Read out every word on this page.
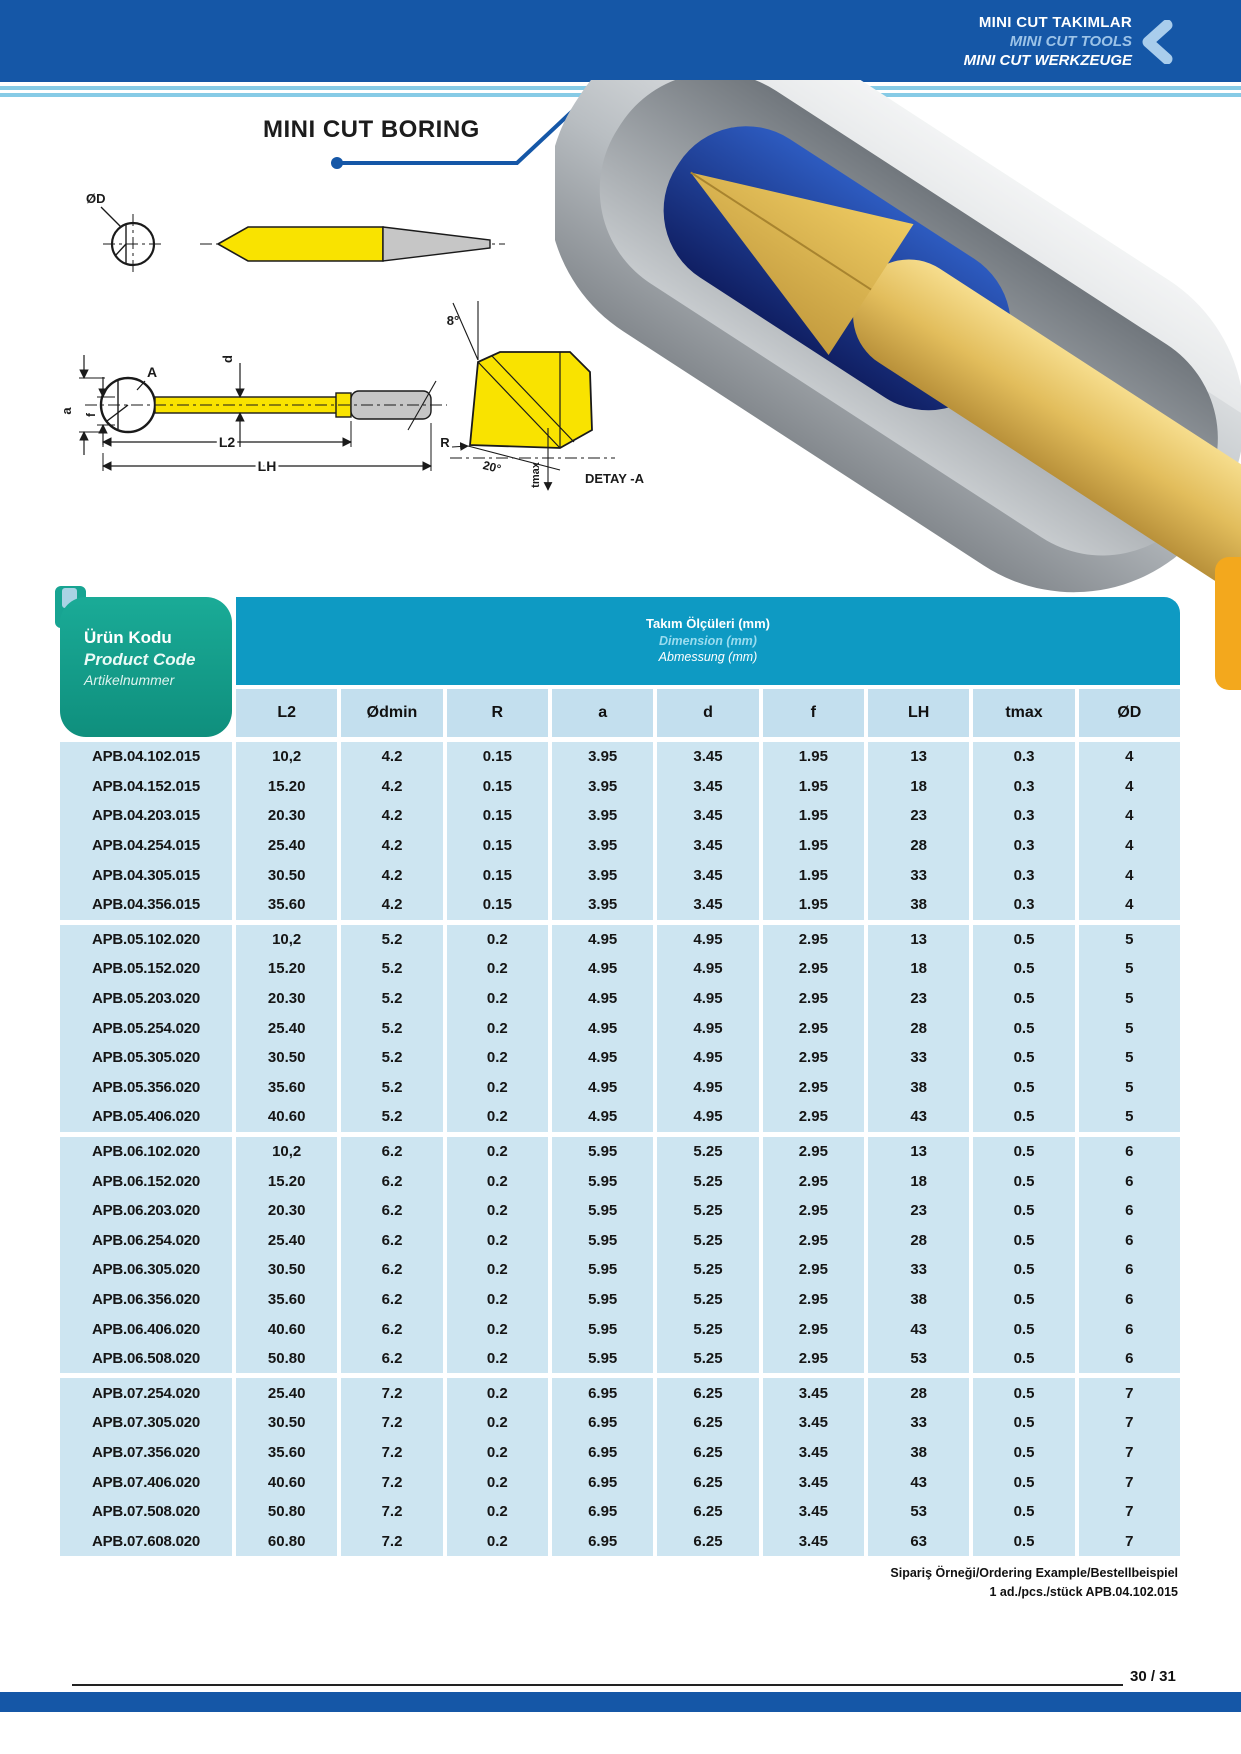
MINI CUT TAKIMLAR
MINI CUT TOOLS
MINI CUT WERKZEUGE
MINI CUT BORING
ØD
A
a
f
d
L2
LH
8°
R
20°	tmax	DETAY -A
Ürün Kodu
Product Code
Artikelnummer
Takım Ölçüleri (mm)
Dimension (mm)
Abmessung (mm)
L2	Ødmin	R	a	d	f	LH	tmax	ØD
APB.04.102.015	10,2	4.2	0.15	3.95	3.45	1.95	13	0.3	4
APB.04.152.015	15.20	4.2	0.15	3.95	3.45	1.95	18	0.3	4
APB.04.203.015	20.30	4.2	0.15	3.95	3.45	1.95	23	0.3	4
APB.04.254.015	25.40	4.2	0.15	3.95	3.45	1.95	28	0.3	4
APB.04.305.015	30.50	4.2	0.15	3.95	3.45	1.95	33	0.3	4
APB.04.356.015	35.60	4.2	0.15	3.95	3.45	1.95	38	0.3	4
APB.05.102.020	10,2	5.2	0.2	4.95	4.95	2.95	13	0.5	5
APB.05.152.020	15.20	5.2	0.2	4.95	4.95	2.95	18	0.5	5
APB.05.203.020	20.30	5.2	0.2	4.95	4.95	2.95	23	0.5	5
APB.05.254.020	25.40	5.2	0.2	4.95	4.95	2.95	28	0.5	5
APB.05.305.020	30.50	5.2	0.2	4.95	4.95	2.95	33	0.5	5
APB.05.356.020	35.60	5.2	0.2	4.95	4.95	2.95	38	0.5	5
APB.05.406.020	40.60	5.2	0.2	4.95	4.95	2.95	43	0.5	5
APB.06.102.020	10,2	6.2	0.2	5.95	5.25	2.95	13	0.5	6
APB.06.152.020	15.20	6.2	0.2	5.95	5.25	2.95	18	0.5	6
APB.06.203.020	20.30	6.2	0.2	5.95	5.25	2.95	23	0.5	6
APB.06.254.020	25.40	6.2	0.2	5.95	5.25	2.95	28	0.5	6
APB.06.305.020	30.50	6.2	0.2	5.95	5.25	2.95	33	0.5	6
APB.06.356.020	35.60	6.2	0.2	5.95	5.25	2.95	38	0.5	6
APB.06.406.020	40.60	6.2	0.2	5.95	5.25	2.95	43	0.5	6
APB.06.508.020	50.80	6.2	0.2	5.95	5.25	2.95	53	0.5	6
APB.07.254.020	25.40	7.2	0.2	6.95	6.25	3.45	28	0.5	7
APB.07.305.020	30.50	7.2	0.2	6.95	6.25	3.45	33	0.5	7
APB.07.356.020	35.60	7.2	0.2	6.95	6.25	3.45	38	0.5	7
APB.07.406.020	40.60	7.2	0.2	6.95	6.25	3.45	43	0.5	7
APB.07.508.020	50.80	7.2	0.2	6.95	6.25	3.45	53	0.5	7
APB.07.608.020	60.80	7.2	0.2	6.95	6.25	3.45	63	0.5	7
Sipariş Örneği/Ordering Example/Bestellbeispiel
1 ad./pcs./stück APB.04.102.015
30 / 31
